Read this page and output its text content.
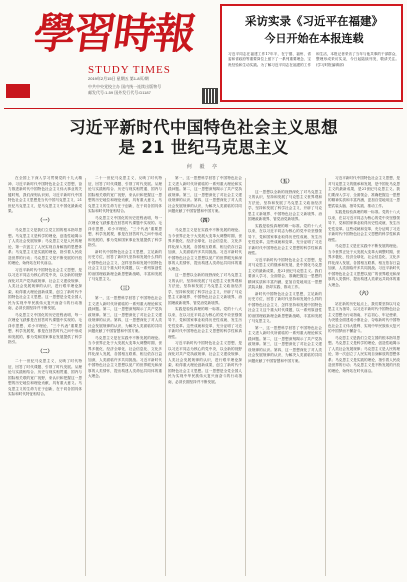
學習時報
STUDY TIMES
2019年2月15日 星期五 第1-8页/期
中共中央党校主办 国内统一连续出版物号
邮发代号:1-59 国外发行代号:D1187
采访实录《习近平在福建》
今日开始在本报连载
习近平同志在福建工作17年半，在宁德、福州、省委和省政府等重要岗位上留下了一系列重要理念、宝贵经验和生动实践。为了解习近平同志在福建的工作和生活，本报记者采访了当年与他共事的干部群众，整理形成采访实录，今日起陆续刊发，敬请关注。(学习时报编辑部)
习近平新时代中国特色社会主义思想
是 21 世纪马克思主义
何 毅 亭

在全国上下深入学习贯彻党的十九大精神、习近平新时代中国特色社会主义思想，奋力推进新时代中国特色社会主义伟大事业的关键时刻，我们深刻认识到，习近平新时代中国特色社会主义思想是当代中国马克思主义、21世纪马克思主义，是马克思主义中国化最新成果。

（一）

马克思主义是我们立党立国的根本指导思想。马克思主义是科学的理论，创造性地揭示了人类社会发展规律；马克思主义是人民的理论，第一次创立了人民实现自身解放的思想体系；马克思主义是实践的理论，指引着人民改造世界的行动；马克思主义是不断发展的开放的理论，始终站在时代前沿。

习近平新时代中国特色社会主义思想，是以习近平同志为核心的党中央，以全新的视野深化对共产党执政规律、社会主义建设规律、人类社会发展规律的认识，进行艰辛理论探索，取得重大理论创新成果，创立了新时代中国特色社会主义思想。这一思想是全党全国人民为实现中华民族伟大复兴而奋斗的行动指南，必须长期坚持并不断发展。

马克思主义中国化的历史进程表明，每一次理论飞跃都是在回答时代课题中实现的。毛泽东思想、邓小平理论、“三个代表”重要思想、科学发展观，都是在回答时代之问中形成和发展的，都为党和国家事业发展提供了科学指引。

（二）

二十一世纪马克思主义，反映了时代特征、回答了时代课题、引领了时代发展。从理论与实践相结合、历史与现实相贯通、国内与国际相关联的宽广视野，来认识和把握这一思想的历史地位和理论贡献，具有重大意义。马克思主义的生命力在于创新，在于同各国具体实际和时代特征相结合。

二十一世纪马克思主义，反映了时代特征、回答了时代课题、引领了时代发展。从理论与实践相结合、历史与现实相贯通、国内与国际相关联的宽广视野，来认识和把握这一思想的历史地位和理论贡献，具有重大意义。马克思主义的生命力在于创新，在于同各国具体实际和时代特征相结合。

马克思主义中国化的历史进程表明，每一次理论飞跃都是在回答时代课题中实现的。毛泽东思想、邓小平理论、“三个代表”重要思想、科学发展观，都是在回答时代之问中形成和发展的，都为党和国家事业发展提供了科学指引。

新时代中国特色社会主义思想，立足新的历史方位，回答了新时代坚持和发展什么样的中国特色社会主义、怎样坚持和发展中国特色社会主义这个重大时代课题，以一系列原创性的治国理政新理念新思想新战略，丰富和发展了马克思主义。

（三）

第一，这一思想科学回答了中国特色社会主义进入新时代所面临的一系列重大理论和实践问题。第二，这一思想深刻揭示了共产党执政规律。第三，这一思想深化了对社会主义建设规律的认识。第四，这一思想深化了对人类社会发展规律的认识，为解决人类面临的共同问题贡献了中国智慧和中国方案。

马克思主义是在实践中不断发展的理论。当今世界正处于大发展大变革大调整时期，世界多极化、经济全球化、社会信息化、文化多样化深入发展，各国相互联系、相互依存日益加深，人类面临许多共同挑战。习近平新时代中国特色社会主义思想以宽广的世界眼光和深厚的人类情怀，提出构建人类命运共同体的重大理念。

第一，这一思想科学回答了中国特色社会主义进入新时代所面临的一系列重大理论和实践问题。第二，这一思想深刻揭示了共产党执政规律。第三，这一思想深化了对社会主义建设规律的认识。第四，这一思想深化了对人类社会发展规律的认识，为解决人类面临的共同问题贡献了中国智慧和中国方案。

（四）

马克思主义是在实践中不断发展的理论。当今世界正处于大发展大变革大调整时期，世界多极化、经济全球化、社会信息化、文化多样化深入发展，各国相互联系、相互依存日益加深，人类面临许多共同挑战。习近平新时代中国特色社会主义思想以宽广的世界眼光和深厚的人类情怀，提出构建人类命运共同体的重大理念。

这一思想以全新的视野深化了对马克思主义的认识，坚持和发展了马克思主义世界观和方法论，坚持和发展了马克思主义政治经济学，坚持和发展了科学社会主义，开辟了马克思主义新境界、中国特色社会主义新境界、治国理政新境界、管党治党新境界。

实践是检验真理的唯一标准。党的十八大以来，在以习近平同志为核心的党中央坚强领导下，党和国家事业取得历史性成就、发生历史性变革。这些成就和变革，充分证明了习近平新时代中国特色社会主义思想的科学性和真理性。

习近平新时代中国特色社会主义思想，是以习近平同志为核心的党中央，以全新的视野深化对共产党执政规律、社会主义建设规律、人类社会发展规律的认识，进行艰辛理论探索，取得重大理论创新成果，创立了新时代中国特色社会主义思想。这一思想是全党全国人民为实现中华民族伟大复兴而奋斗的行动指南，必须长期坚持并不断发展。

（五）

这一思想以全新的视野深化了对马克思主义的认识，坚持和发展了马克思主义世界观和方法论，坚持和发展了马克思主义政治经济学，坚持和发展了科学社会主义，开辟了马克思主义新境界、中国特色社会主义新境界、治国理政新境界、管党治党新境界。

实践是检验真理的唯一标准。党的十八大以来，在以习近平同志为核心的党中央坚强领导下，党和国家事业取得历史性成就、发生历史性变革。这些成就和变革，充分证明了习近平新时代中国特色社会主义思想的科学性和真理性。

习近平新时代中国特色社会主义思想，是对马克思主义的继承和发展，是中国化马克思主义的最新成果，是21世纪马克思主义。我们要深入学习、全面领会、准确把握这一思想的精神实质和丰富内涵，更加自觉地用这一思想武装头脑、指导实践、推动工作。

新时代中国特色社会主义思想，立足新的历史方位，回答了新时代坚持和发展什么样的中国特色社会主义、怎样坚持和发展中国特色社会主义这个重大时代课题，以一系列原创性的治国理政新理念新思想新战略，丰富和发展了马克思主义。

第一，这一思想科学回答了中国特色社会主义进入新时代所面临的一系列重大理论和实践问题。第二，这一思想深刻揭示了共产党执政规律。第三，这一思想深化了对社会主义建设规律的认识。第四，这一思想深化了对人类社会发展规律的认识，为解决人类面临的共同问题贡献了中国智慧和中国方案。

习近平新时代中国特色社会主义思想，是对马克思主义的继承和发展，是中国化马克思主义的最新成果，是21世纪马克思主义。我们要深入学习、全面领会、准确把握这一思想的精神实质和丰富内涵，更加自觉地用这一思想武装头脑、指导实践、推动工作。

实践是检验真理的唯一标准。党的十八大以来，在以习近平同志为核心的党中央坚强领导下，党和国家事业取得历史性成就、发生历史性变革。这些成就和变革，充分证明了习近平新时代中国特色社会主义思想的科学性和真理性。

马克思主义是在实践中不断发展的理论。当今世界正处于大发展大变革大调整时期，世界多极化、经济全球化、社会信息化、文化多样化深入发展，各国相互联系、相互依存日益加深，人类面临许多共同挑战。习近平新时代中国特色社会主义思想以宽广的世界眼光和深厚的人类情怀，提出构建人类命运共同体的重大理念。

（六）

站在新的历史起点上，我们要坚持以马克思主义为指导，以习近平新时代中国特色社会主义思想为行动指南，不忘初心、牢记使命，为决胜全面建成小康社会、夺取新时代中国特色社会主义伟大胜利、实现中华民族伟大复兴的中国梦而不懈奋斗。

马克思主义是我们立党立国的根本指导思想。马克思主义是科学的理论，创造性地揭示了人类社会发展规律；马克思主义是人民的理论，第一次创立了人民实现自身解放的思想体系；马克思主义是实践的理论，指引着人民改造世界的行动；马克思主义是不断发展的开放的理论，始终站在时代前沿。
